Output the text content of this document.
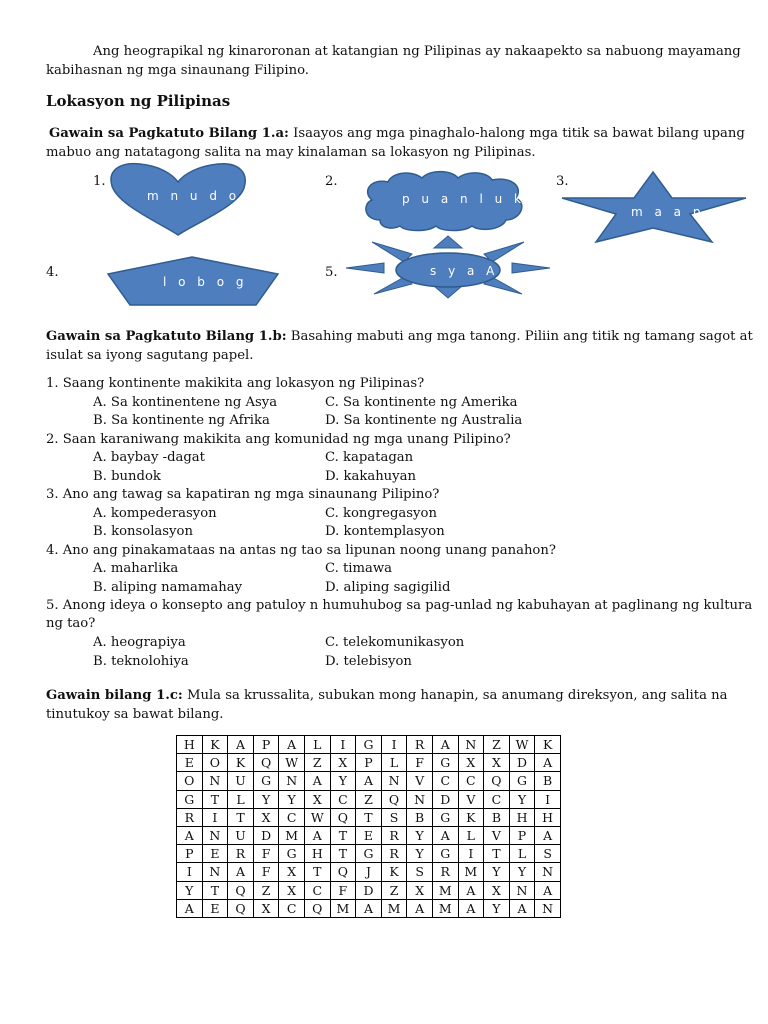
Ang heograpikal ng kinaroronan at katangian ng Pilipinas ay nakaapekto sa nabuong mayamang
kabihasnan ng mga sinaunang Filipino.
Lokasyon ng Pilipinas
Gawain sa Pagkatuto Bilang 1.a: Isaayos ang mga pinaghalo-halong mga titik sa bawat bilang upang
mabuo ang natatagong salita na may kinalaman sa lokasyon ng Pilipinas.
1.	2.	3.
4.	5.
m n u d o	p u a n l u k a
m a a p
l o b o g
s y a A
Gawain sa Pagkatuto Bilang 1.b: Basahing mabuti ang mga tanong. Piliin ang titik ng tamang sagot at
isulat sa iyong sagutang papel.
1. Saang kontinente makikita ang lokasyon ng Pilipinas?
A. Sa kontinentene ng Asya	C. Sa kontinente ng Amerika
B. Sa kontinente ng Afrika	D. Sa kontinente ng Australia
2. Saan karaniwang makikita ang komunidad ng mga unang Pilipino?
A. baybay -dagat	C. kapatagan
B. bundok	D. kakahuyan
3. Ano ang tawag sa kapatiran ng mga sinaunang Pilipino?
A. kompederasyon	C. kongregasyon
B. konsolasyon	D. kontemplasyon
4. Ano ang pinakamataas na antas ng tao sa lipunan noong unang panahon?
A. maharlika	C. timawa
B. aliping namamahay	D. aliping sagigilid
5. Anong ideya o konsepto ang patuloy n humuhubog sa pag-unlad ng kabuhayan at paglinang ng kultura
ng tao?
A. heograpiya	C. telekomunikasyon
B. teknolohiya	D. telebisyon
Gawain bilang 1.c: Mula sa krussalita, subukan mong hanapin, sa anumang direksyon, ang salita na
tinutukoy sa bawat bilang.
H	K	A	P	A	L	I	G	I	R	A	N	Z	W	K
E	O	K	Q	W	Z	X	P	L	F	G	X	X	D	A
O	N	U	G	N	A	Y	A	N	V	C	C	Q	G	B
G	T	L	Y	Y	X	C	Z	Q	N	D	V	C	Y	I
R	I	T	X	C	W	Q	T	S	B	G	K	B	H	H
A	N	U	D	M	A	T	E	R	Y	A	L	V	P	A
P	E	R	F	G	H	T	G	R	Y	G	I	T	L	S
I	N	A	F	X	T	Q	J	K	S	R	M	Y	Y	N
Y	T	Q	Z	X	C	F	D	Z	X	M	A	X	N	A
A	E	Q	X	C	Q	M	A	M	A	M	A	Y	A	N
